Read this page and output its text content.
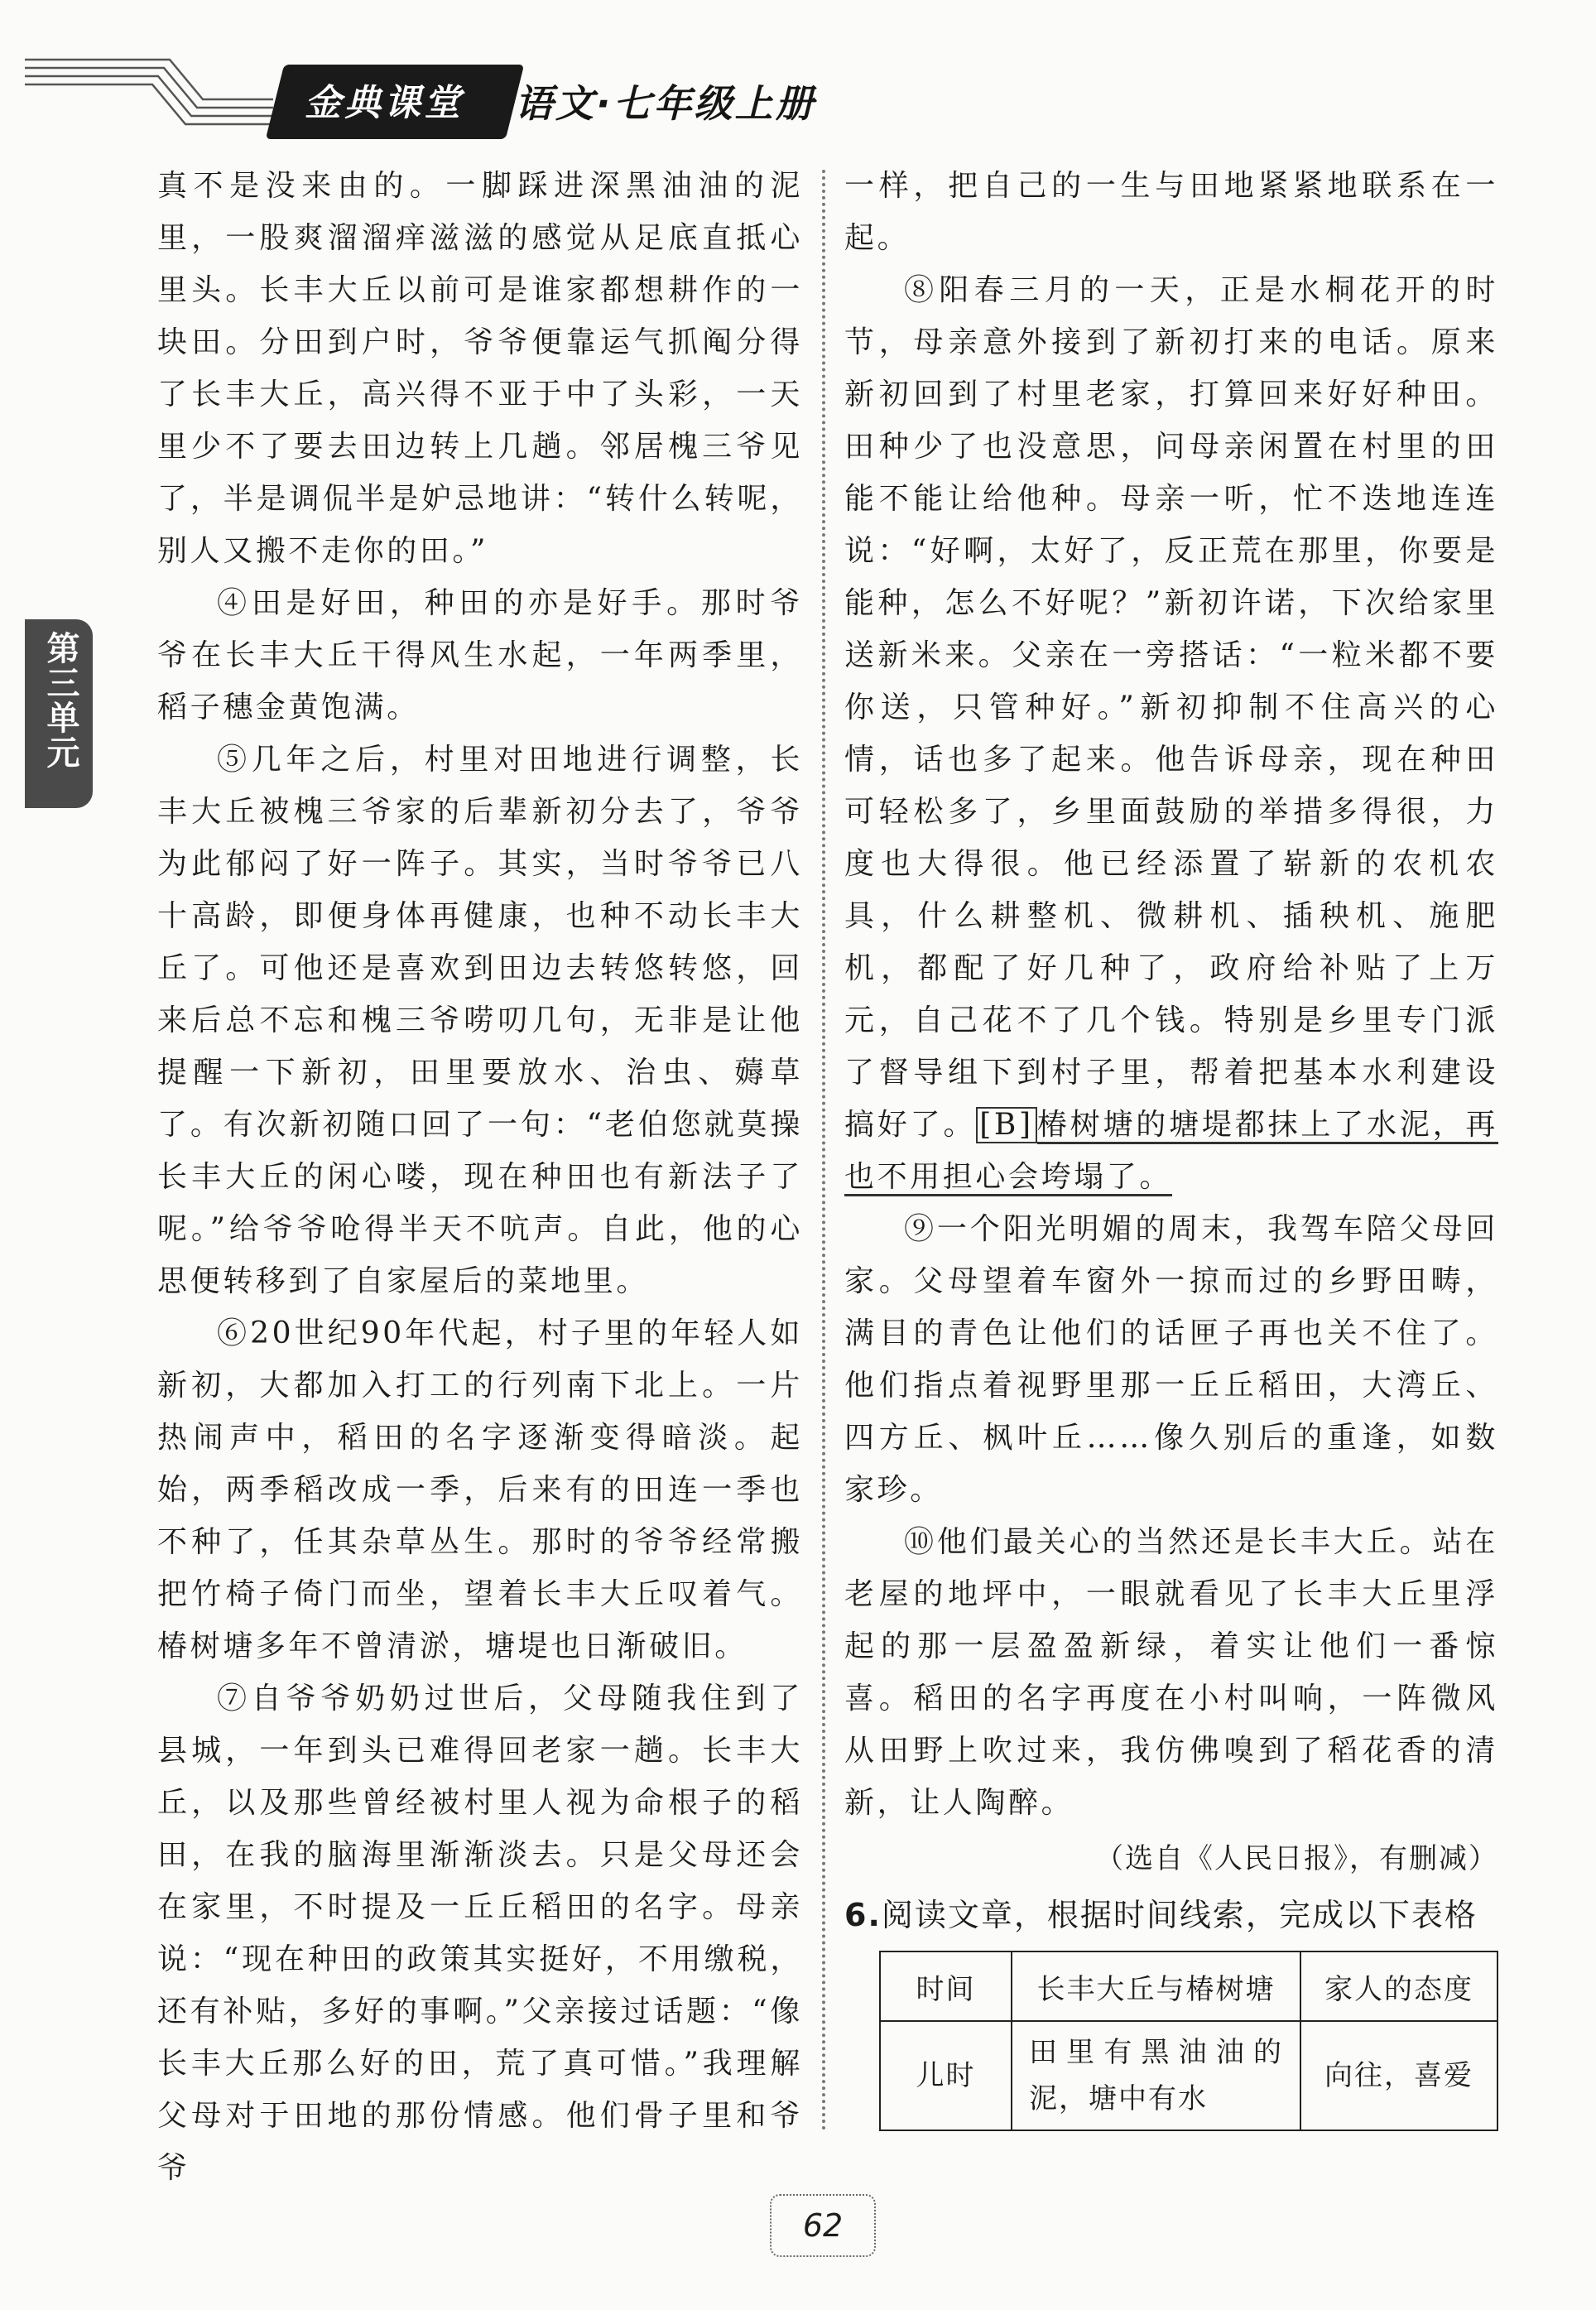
金典课堂	语文·七年级上册
第三单元

真不是没来由的。一脚踩进深黑油油的泥里，一股爽溜溜痒滋滋的感觉从足底直抵心里头。长丰大丘以前可是谁家都想耕作的一块田。分田到户时，爷爷便靠运气抓阄分得了长丰大丘，高兴得不亚于中了头彩，一天里少不了要去田边转上几趟。邻居槐三爷见了，半是调侃半是妒忌地讲：“转什么转呢，别人又搬不走你的田。”

④田是好田，种田的亦是好手。那时爷爷在长丰大丘干得风生水起，一年两季里，稻子穗金黄饱满。

⑤几年之后，村里对田地进行调整，长丰大丘被槐三爷家的后辈新初分去了，爷爷为此郁闷了好一阵子。其实，当时爷爷已八十高龄，即便身体再健康，也种不动长丰大丘了。可他还是喜欢到田边去转悠转悠，回来后总不忘和槐三爷唠叨几句，无非是让他提醒一下新初，田里要放水、治虫、薅草了。有次新初随口回了一句：“老伯您就莫操长丰大丘的闲心喽，现在种田也有新法子了呢。”给爷爷呛得半天不吭声。自此，他的心思便转移到了自家屋后的菜地里。

⑥20世纪90年代起，村子里的年轻人如新初，大都加入打工的行列南下北上。一片热闹声中，稻田的名字逐渐变得暗淡。起始，两季稻改成一季，后来有的田连一季也不种了，任其杂草丛生。那时的爷爷经常搬把竹椅子倚门而坐，望着长丰大丘叹着气。椿树塘多年不曾清淤，塘堤也日渐破旧。

⑦自爷爷奶奶过世后，父母随我住到了县城，一年到头已难得回老家一趟。长丰大丘，以及那些曾经被村里人视为命根子的稻田，在我的脑海里渐渐淡去。只是父母还会在家里，不时提及一丘丘稻田的名字。母亲说：“现在种田的政策其实挺好，不用缴税，还有补贴，多好的事啊。”父亲接过话题：“像长丰大丘那么好的田，荒了真可惜。”我理解父母对于田地的那份情感。他们骨子里和爷爷

一样，把自己的一生与田地紧紧地联系在一起。

⑧阳春三月的一天，正是水桐花开的时节，母亲意外接到了新初打来的电话。原来新初回到了村里老家，打算回来好好种田。田种少了也没意思，问母亲闲置在村里的田能不能让给他种。母亲一听，忙不迭地连连说：“好啊，太好了，反正荒在那里，你要是能种，怎么不好呢？”新初许诺，下次给家里送新米来。父亲在一旁搭话：“一粒米都不要你送，只管种好。”新初抑制不住高兴的心情，话也多了起来。他告诉母亲，现在种田可轻松多了，乡里面鼓励的举措多得很，力度也大得很。他已经添置了崭新的农机农具，什么耕整机、微耕机、插秧机、施肥机，都配了好几种了，政府给补贴了上万元，自己花不了几个钱。特别是乡里专门派了督导组下到村子里，帮着把基本水利建设搞好了。 [B] 椿树塘的塘堤都抹上了水泥，再也不用担心会垮塌了。

⑨一个阳光明媚的周末，我驾车陪父母回家。父母望着车窗外一掠而过的乡野田畴，满目的青色让他们的话匣子再也关不住了。他们指点着视野里那一丘丘稻田，大湾丘、四方丘、枫叶丘……像久别后的重逢，如数家珍。

⑩他们最关心的当然还是长丰大丘。站在老屋的地坪中，一眼就看见了长丰大丘里浮起的那一层盈盈新绿，着实让他们一番惊喜。稻田的名字再度在小村叫响，一阵微风从田野上吹过来，我仿佛嗅到了稻花香的清新，让人陶醉。

（选自《人民日报》，有删减）

6.阅读文章，根据时间线索，完成以下表格

时间	长丰大丘与椿树塘	家人的态度
儿时	田里有黑油油的泥，塘中有水	向往，喜爱
62
